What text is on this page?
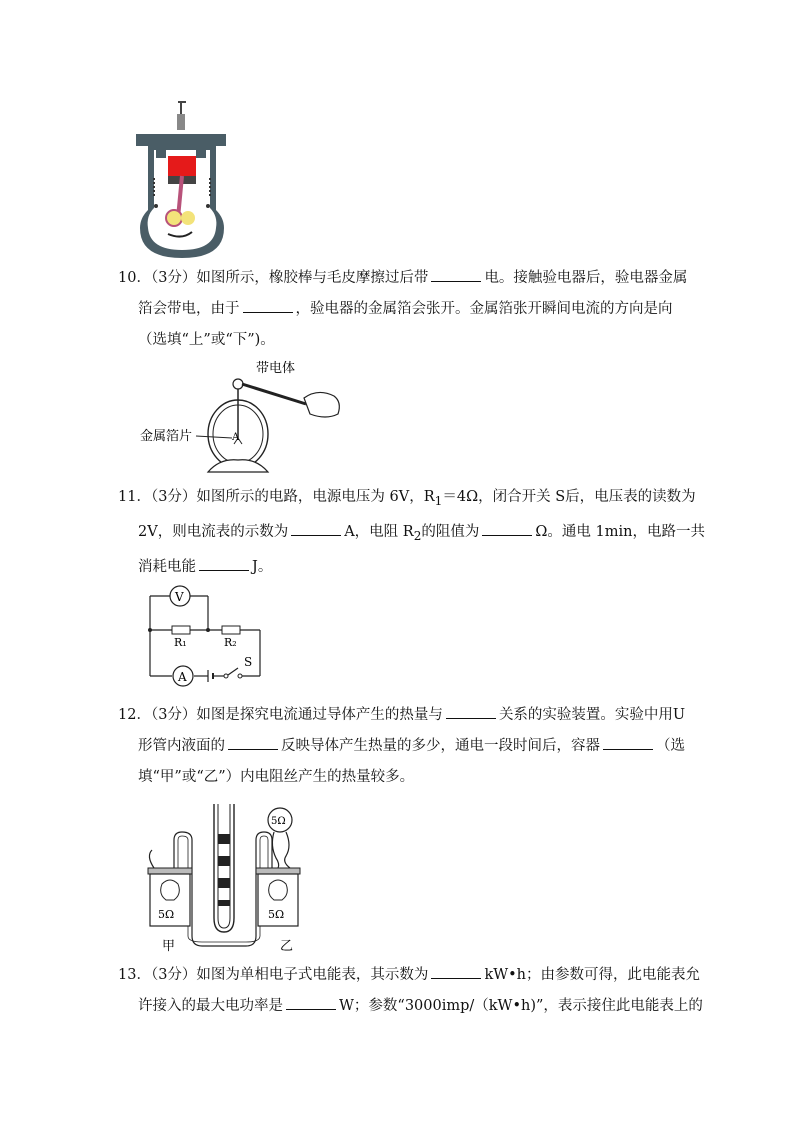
10．（3分）如图所示，橡胶棒与毛皮摩擦过后带	电。接触验电器后，验电器金属
箔会带电，由于	，验电器的金属箔会张开。金属箔张开瞬间电流的方向是向
（选填“上”或“下”)。
带电体
A
金属箔片
11．（3分）如图所示的电路，电源电压为 6V，$R_1=4\Omega$，闭合开关 S后，电压表的读数为
2V，则电流表的示数为	A，电阻 $R_2$的阻值为	Ω。通电 1min，电路一共
消耗电能	J。
A
R₁	R₂
V
S
12．（3分）如图是探究电流通过导体产生的热量与	关系的实验装置。实验中用U
形管内液面的	反映导体产生热量的多少，通电一段时间后，容器	（选
填“甲”或“乙”）内电阻丝产生的热量较多。
5Ω	5Ω
5Ω
甲	乙
13．（3分）如图为单相电子式电能表，其示数为	kW•h；由参数可得，此电能表允
许接入的最大电功率是	W；参数“3000imp/（kW•h)”，表示接住此电能表上的
